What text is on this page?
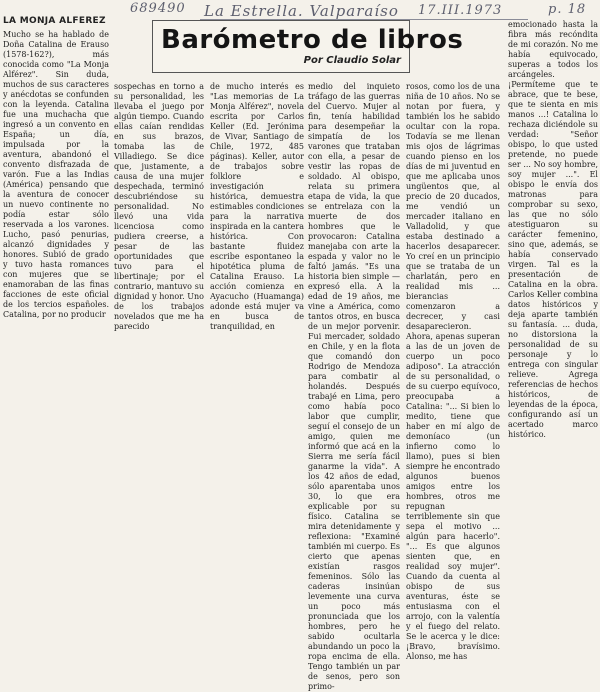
689490 La Estrella. Valparaíso 17.III.1973	p. 18
Barómetro de libros
Por Claudio Solar
LA MONJA ALFEREZ

Mucho se ha hablado de Doña Catalina de Erauso (1578-162?), más conocida como "La Monja Alférez". Sin duda, muchos de sus caracteres y anécdotas se confunden con la leyenda. Catalina fue una muchacha que ingresó a un convento en España; un día, impulsada por la aventura, abandonó el convento disfrazada de varón. Fue a las Indias (América) pensando que la aventura de conocer un nuevo continente no podía estar sólo reservada a los varones. Lucho, pasó penurias, alcanzó dignidades y honores. Subió de grado y tuvo hasta romances con mujeres que se enamoraban de las finas facciones de este oficial de los tercios españoles. Catalina, por no producir

sospechas en torno a su personalidad, les llevaba el juego por algún tiempo. Cuando ellas caían rendidas en sus brazos, tomaba las de Villadiego. Se dice que, justamente, a causa de una mujer despechada, terminó descubriéndose su personalidad. No llevó una vida licenciosa como pudiera creerse, a pesar de las oportunidades que tuvo para el libertinaje; por el contrario, mantuvo su dignidad y honor. Uno de los trabajos novelados que me ha parecido

de mucho interés es "Las memorias de La Monja Alférez", novela escrita por Carlos Keller (Ed. Jerónima de Vivar, Santiago de Chile, 1972, 485 páginas). Keller, autor de trabajos sobre folklore e investigación histórica, demuestra estimables condiciones para la narrativa inspirada en la cantera histórica. Con bastante fluidez escribe espontaneo la hipotética pluma de Catalina Erauso. La acción comienza en Ayacucho (Huamanga) adonde está mujer va en busca de tranquilidad, en

medio del inquieto tráfago de las guerras del Cuervo. Mujer al fin, tenía habilidad para desempeñar la simpatía de los varones que trataban con ella, a pesar de vestir las ropas de soldado. Al obispo, relata su primera etapa de vida, la que se entrelaza con la muerte de dos hombres que le provocaron: Catalina manejaba con arte la espada y valor no le faltó jamás. "Es una historia bien simple —expresó ella. A la edad de 19 años, me vine a América, como tantos otros, en busca de un mejor porvenir. Fui mercader, soldado en Chile, y en la flota que comandó don Rodrigo de Mendoza para combatir al holandés. Después trabajé en Lima, pero como había poco labor que cumplir, seguí el consejo de un amigo, quien me informó que acá en la Sierra me sería fácil ganarme la vida". A los 42 años de edad, sólo aparentaba unos 30, lo que era explicable por su físico. Catalina se mira detenidamente y reflexiona: "Examiné también mi cuerpo. Es cierto que apenas existían rasgos femeninos. Sólo las caderas insinúan levemente una curva un poco más pronunciada que los hombres, pero he sabido ocultarla abundando un poco la ropa encima de ella. Tengo también un par de senos, pero son primo-

rosos, como los de una niña de 10 años. No se notan por fuera, y también los he sabido ocultar con la ropa. Todavía se me llenan mis ojos de lágrimas cuando pienso en los días de mi juventud en que me aplicaba unos ungüentos que, al precio de 20 ducados, me vendió un mercader italiano en Valladolid, y que estaba destinado a hacerlos desaparecer. Yo creí en un principio que se trataba de un charlatán, pero en realidad mis ... bierancias comenzaron a decrecer, y casi desaparecieron. Ahora, apenas superan a las de un joven de cuerpo un poco adiposo". La atracción de su personalidad, o de su cuerpo equívoco, preocupaba a Catalina: "... Si bien lo medito, tiene que haber en mí algo de demoníaco (un infierno como lo llamo), pues si bien siempre he encontrado algunos buenos amigos entre los hombres, otros me repugnan terriblemente sin que sepa el motivo ... algún para hacerlo". "... Es que algunos sienten que, en realidad soy mujer". Cuando da cuenta al obispo de sus aventuras, éste se entusiasma con el arrojo, con la valentía y el fuego del relato. Se le acerca y le dice: ¡Bravo, bravísimo. Alonso, me has

emocionado hasta la fibra más recóndita de mi corazón. No me había equivocado, superas a todos los arcángeles. ¡Permíteme que te abrace, que te bese, que te sienta en mis manos ...! Catalina lo rechaza diciéndole su verdad: "Señor obispo, lo que usted pretende, no puede ser ... No soy hombre, soy mujer ...". El obispo le envía dos matronas para comprobar su sexo, las que no sólo atestiguaron su carácter femenino, sino que, además, se había conservado virgen. Tal es la presentación de Catalina en la obra. Carlos Keller combina datos históricos y deja aparte también su fantasía. ... duda, no distorsiona la personalidad de su personaje y lo entrega con singular relieve. Agrega referencias de hechos históricos, de leyendas de la época, configurando así un acertado marco histórico.
